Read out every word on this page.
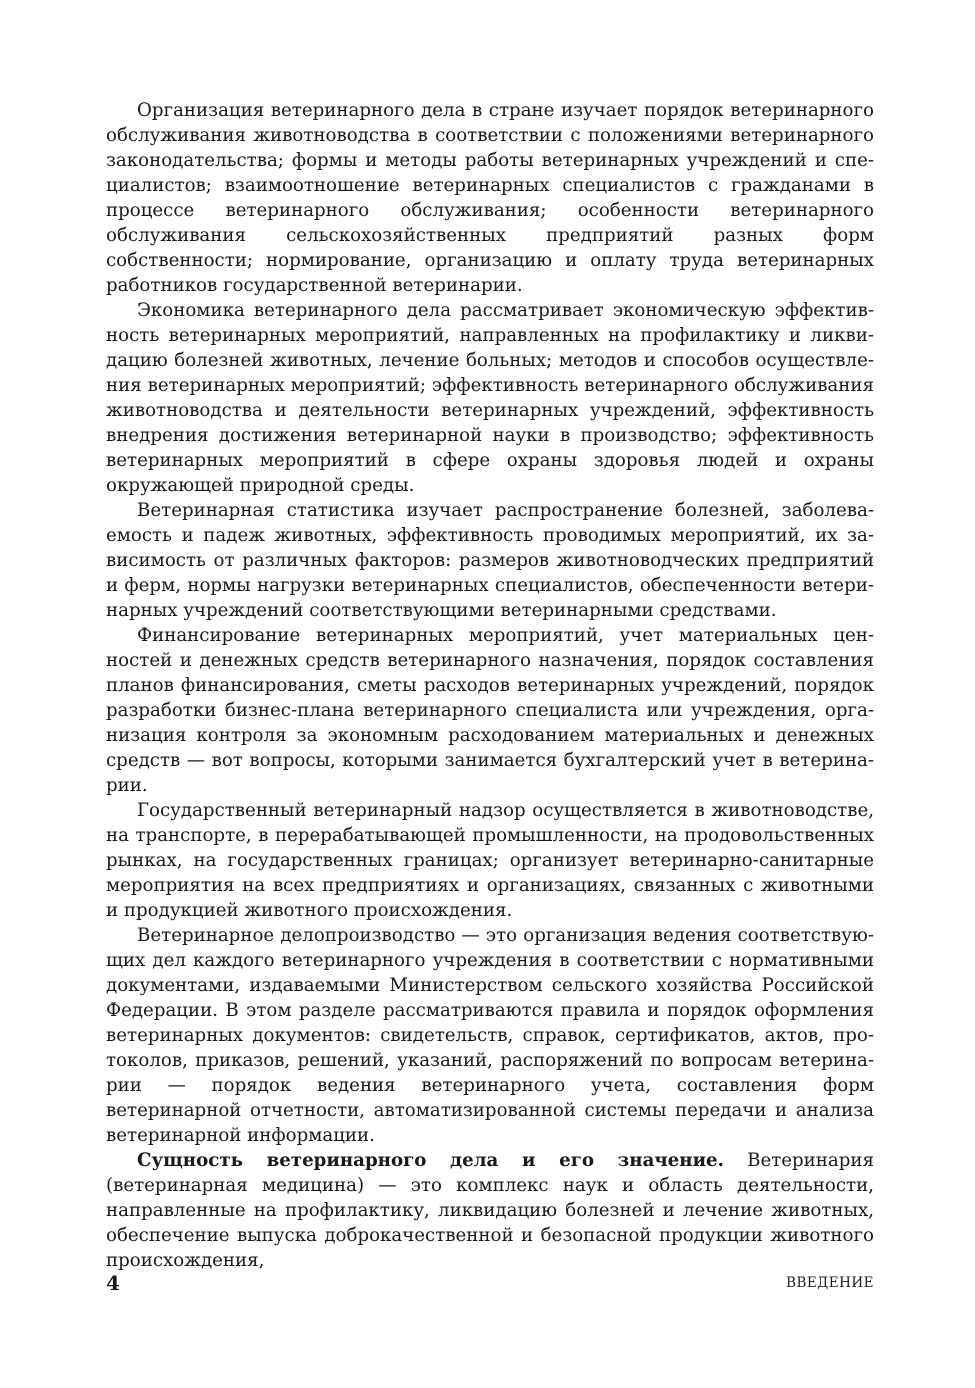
Организация ветеринарного дела в стране изучает порядок ветеринарного обслуживания животноводства в соответствии с положениями ветеринарного законодательства; формы и методы работы ветеринарных учреждений и специалистов; взаимоотношение ветеринарных специалистов с гражданами в процессе ветеринарного обслуживания; особенности ветеринарного обслуживания сельскохозяйственных предприятий разных форм собственности; нормирование, организацию и оплату труда ветеринарных работников государственной ветеринарии.

Экономика ветеринарного дела рассматривает экономическую эффективность ветеринарных мероприятий, направленных на профилактику и ликвидацию болезней животных, лечение больных; методов и способов осуществления ветеринарных мероприятий; эффективность ветеринарного обслуживания животноводства и деятельности ветеринарных учреждений, эффективность внедрения достижения ветеринарной науки в производство; эффективность ветеринарных мероприятий в сфере охраны здоровья людей и охраны окружающей природной среды.

Ветеринарная статистика изучает распространение болезней, заболеваемость и падеж животных, эффективность проводимых мероприятий, их зависимость от различных факторов: размеров животноводческих предприятий и ферм, нормы нагрузки ветеринарных специалистов, обеспеченности ветеринарных учреждений соответствующими ветеринарными средствами.

Финансирование ветеринарных мероприятий, учет материальных ценностей и денежных средств ветеринарного назначения, порядок составления планов финансирования, сметы расходов ветеринарных учреждений, порядок разработки бизнес-плана ветеринарного специалиста или учреждения, организация контроля за экономным расходованием материальных и денежных средств — вот вопросы, которыми занимается бухгалтерский учет в ветеринарии.

Государственный ветеринарный надзор осуществляется в животноводстве, на транспорте, в перерабатывающей промышленности, на продовольственных рынках, на государственных границах; организует ветеринарно-санитарные мероприятия на всех предприятиях и организациях, связанных с животными и продукцией животного происхождения.

Ветеринарное делопроизводство — это организация ведения соответствующих дел каждого ветеринарного учреждения в соответствии с нормативными документами, издаваемыми Министерством сельского хозяйства Российской Федерации. В этом разделе рассматриваются правила и порядок оформления ветеринарных документов: свидетельств, справок, сертификатов, актов, протоколов, приказов, решений, указаний, распоряжений по вопросам ветеринарии — порядок ведения ветеринарного учета, составления форм ветеринарной отчетности, автоматизированной системы передачи и анализа ветеринарной информации.

Сущность ветеринарного дела и его значение. Ветеринария (ветеринарная медицина) — это комплекс наук и область деятельности, направленные на профилактику, ликвидацию болезней и лечение животных, обеспечение выпуска доброкачественной и безопасной продукции животного происхождения,

4	ВВЕДЕНИЕ
